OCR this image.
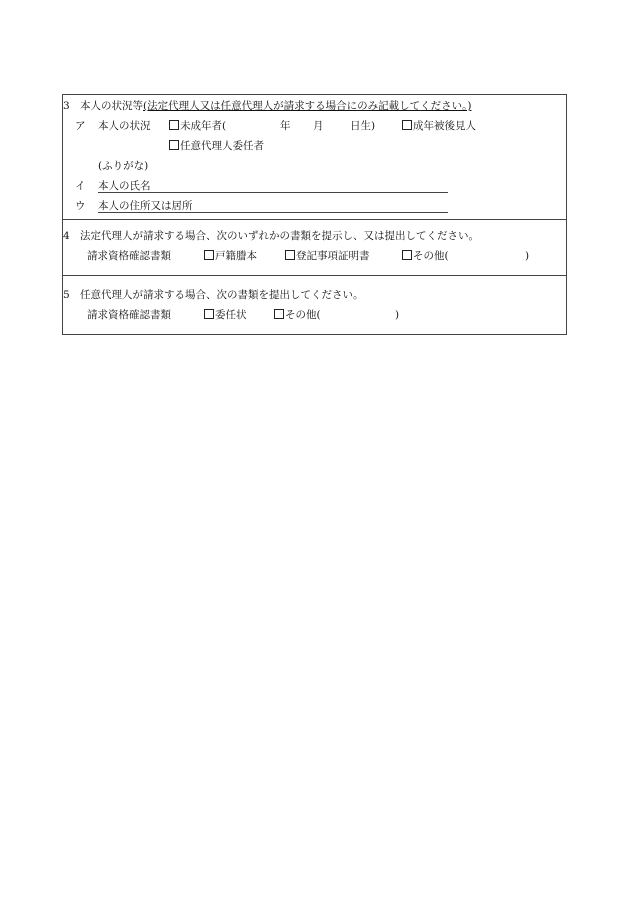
3 本人の状況等 (法定代理人又は任意代理人が請求する場合にのみ記載してください。)
ア 本人の状況	未成年者(	年 月	日生)	成年被後見人
任意代理人委任者
(ふりがな)
イ 本人の氏名
ウ 本人の住所又は居所
4 法定代理人が請求する場合、次のいずれかの書類を提示し、又は提出してください。
請求資格確認書類	戸籍謄本	登記事項証明書	その他(	)
5 任意代理人が請求する場合、次の書類を提出してください。
請求資格確認書類	委任状	その他(	)
